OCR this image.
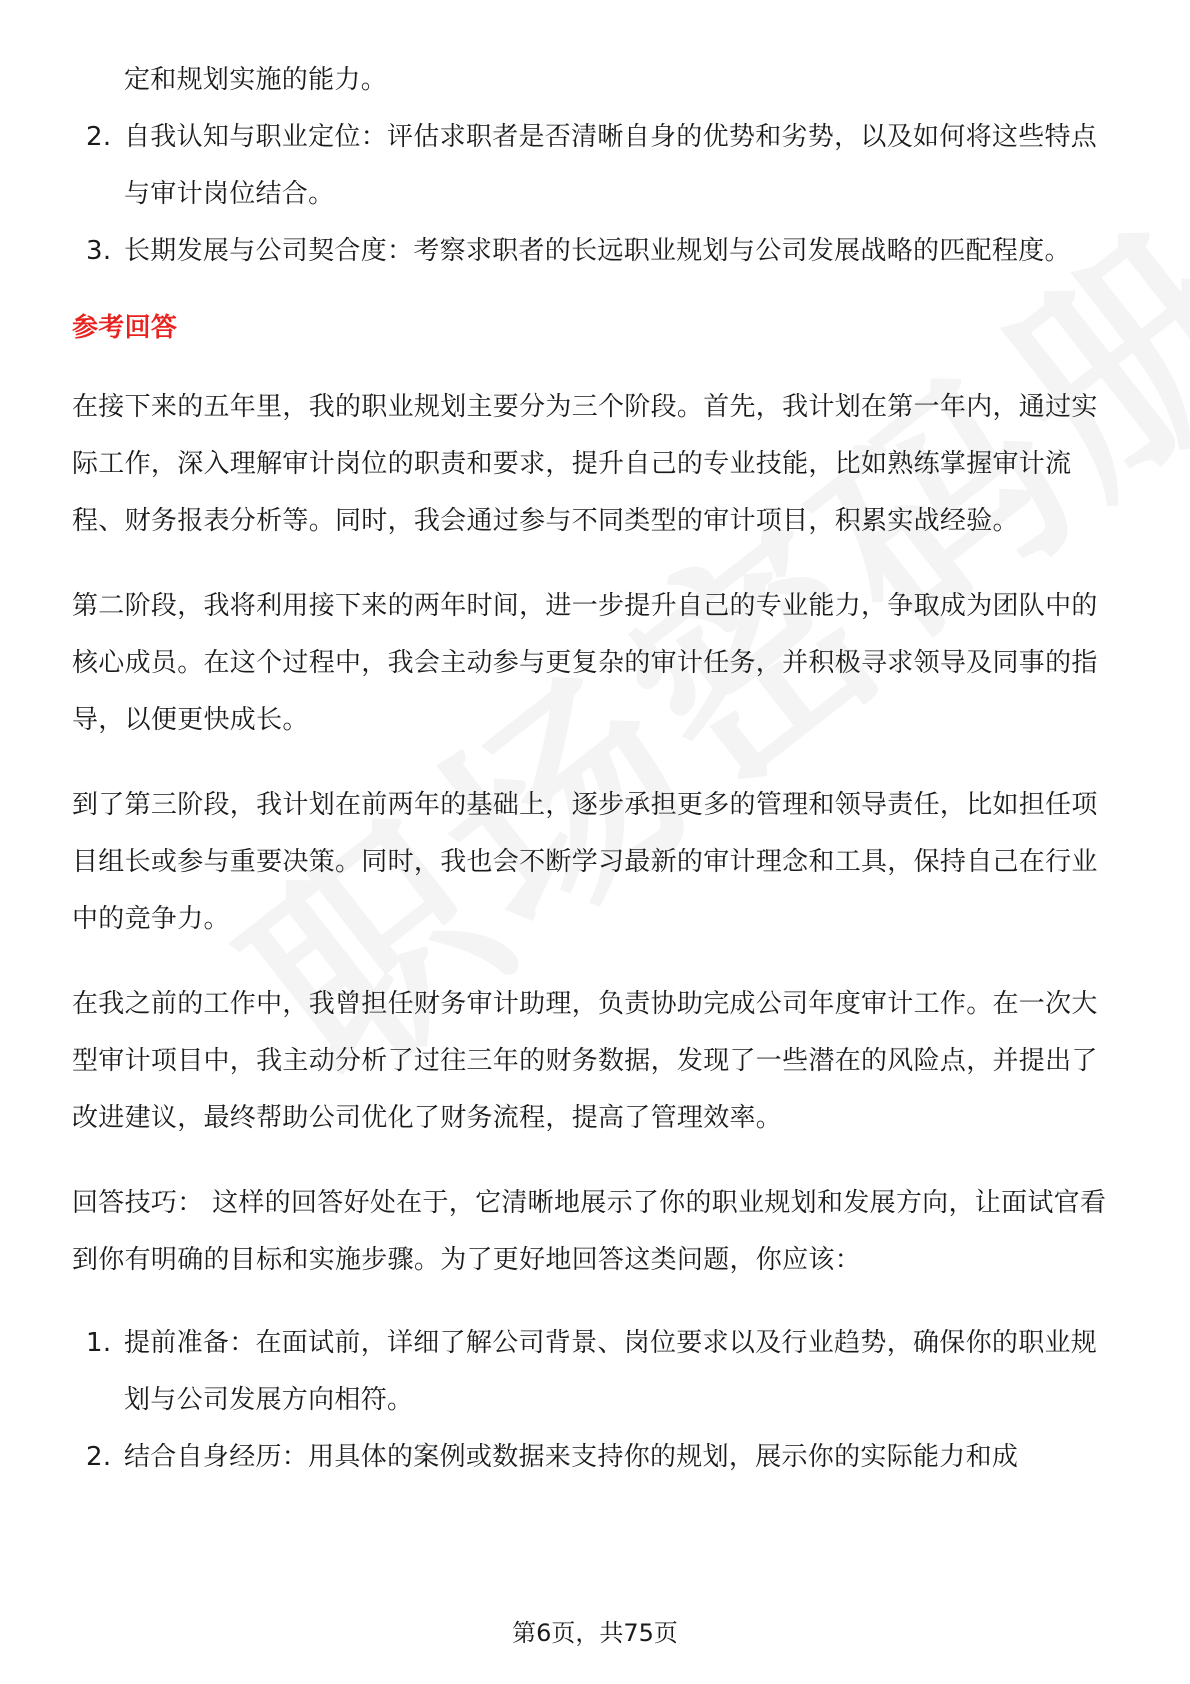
定和规划实施的能力。

2. 自我认知与职业定位：评估求职者是否清晰自身的优势和劣势，以及如何将这些特点与审计岗位结合。
3. 长期发展与公司契合度：考察求职者的长远职业规划与公司发展战略的匹配程度。
参考回答

在接下来的五年里，我的职业规划主要分为三个阶段。首先，我计划在第一年内，通过实际工作，深入理解审计岗位的职责和要求，提升自己的专业技能，比如熟练掌握审计流程、财务报表分析等。同时，我会通过参与不同类型的审计项目，积累实战经验。

第二阶段，我将利用接下来的两年时间，进一步提升自己的专业能力，争取成为团队中的核心成员。在这个过程中，我会主动参与更复杂的审计任务，并积极寻求领导及同事的指导，以便更快成长。

到了第三阶段，我计划在前两年的基础上，逐步承担更多的管理和领导责任，比如担任项目组长或参与重要决策。同时，我也会不断学习最新的审计理念和工具，保持自己在行业中的竞争力。

在我之前的工作中，我曾担任财务审计助理，负责协助完成公司年度审计工作。在一次大型审计项目中，我主动分析了过往三年的财务数据，发现了一些潜在的风险点，并提出了改进建议，最终帮助公司优化了财务流程，提高了管理效率。

回答技巧： 这样的回答好处在于，它清晰地展示了你的职业规划和发展方向，让面试官看到你有明确的目标和实施步骤。为了更好地回答这类问题，你应该：

1. 提前准备：在面试前，详细了解公司背景、岗位要求以及行业趋势，确保你的职业规划与公司发展方向相符。
2. 结合自身经历：用具体的案例或数据来支持你的规划，展示你的实际能力和成
第6页，共75页
